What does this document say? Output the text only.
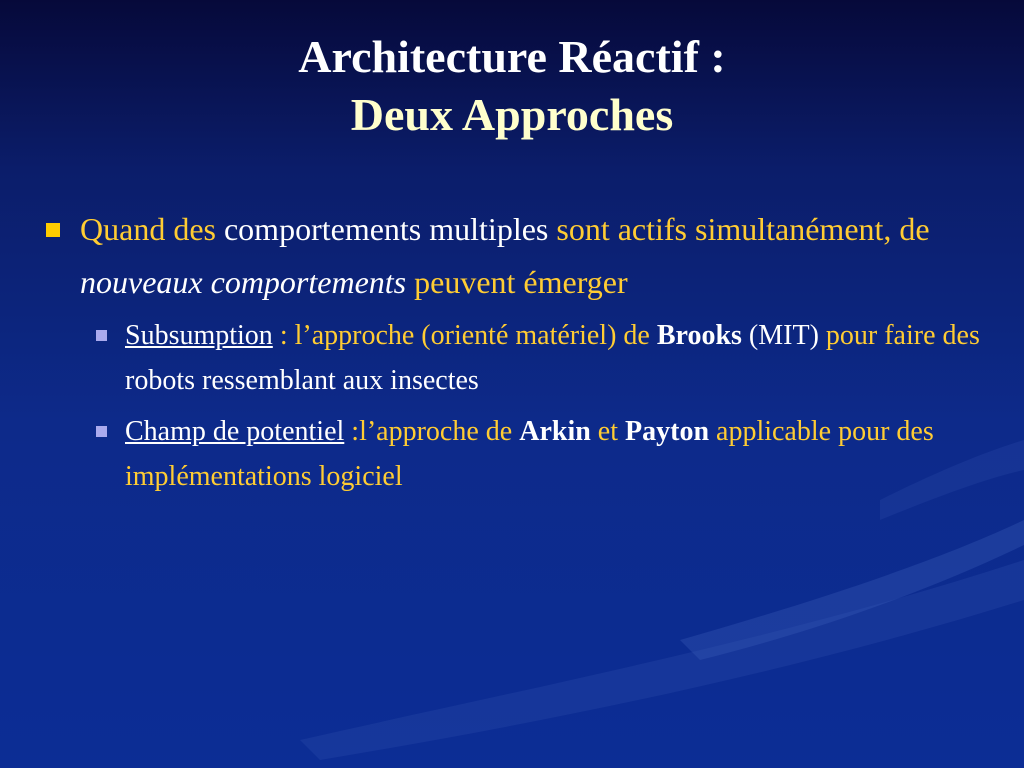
Architecture Réactif :
Deux Approches
Quand des comportements multiples sont actifs simultanément, de nouveaux comportements peuvent émerger
Subsumption : l’approche (orienté matériel) de Brooks (MIT) pour faire des robots ressemblant aux insectes
Champ de potentiel :l’approche de Arkin et Payton applicable pour des implémentations logiciel
